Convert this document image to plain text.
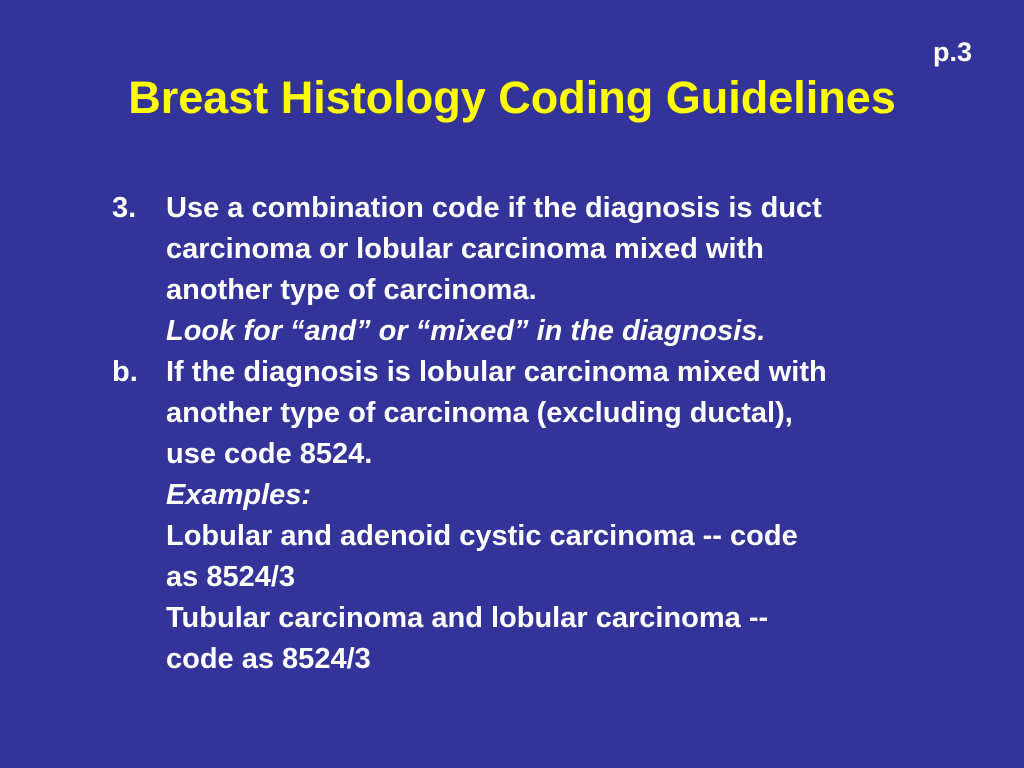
p.3
Breast Histology Coding Guidelines
3.	Use a combination code if the diagnosis is duct
carcinoma or lobular carcinoma mixed with
another type of carcinoma.
Look for “and” or “mixed” in the diagnosis.
b. If the diagnosis is lobular carcinoma mixed with
another type of carcinoma (excluding ductal),
use code 8524.
Examples:
Lobular and adenoid cystic carcinoma -- code
as 8524/3
Tubular carcinoma and lobular carcinoma --
code as 8524/3
